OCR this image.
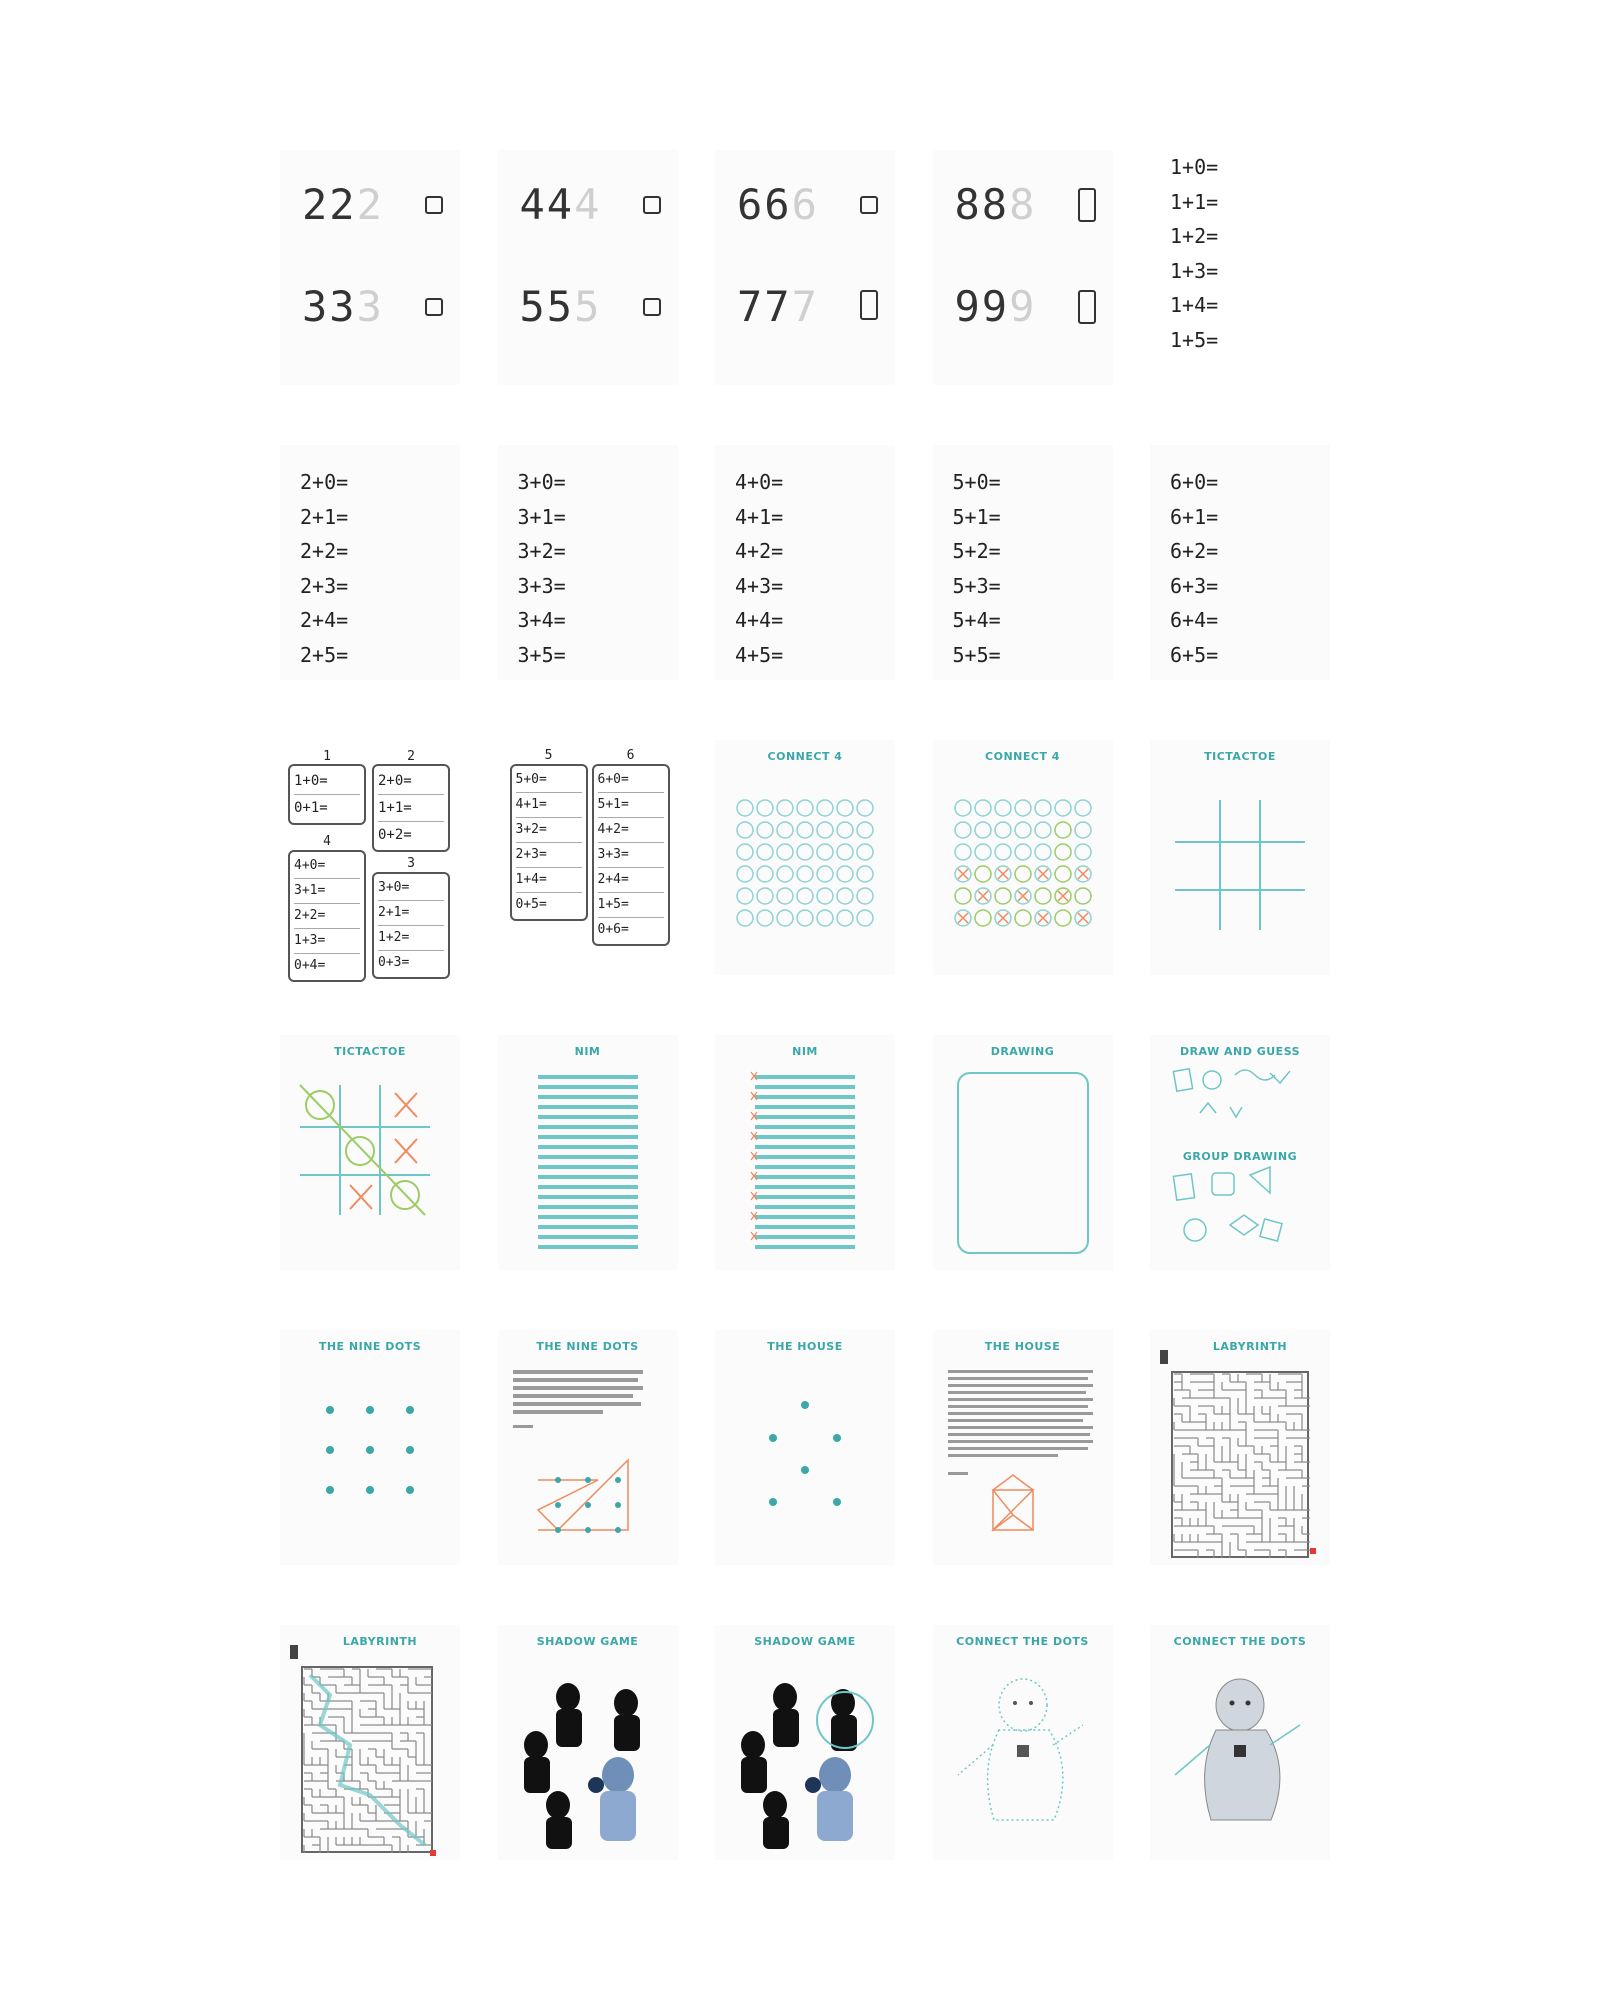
222
333
444
555
666
777
888
999
1+0=
1+1=
1+2=
1+3=
1+4=
1+5=
2+0=
2+1=
2+2=
2+3=
2+4=
2+5=
3+0=
3+1=
3+2=
3+3=
3+4=
3+5=
4+0=
4+1=
4+2=
4+3=
4+4=
4+5=
5+0=
5+1=
5+2=
5+3=
5+4=
5+5=
6+0=
6+1=
6+2=
6+3=
6+4=
6+5=
1
1+0=
0+1=
2
2+0=
1+1=
0+2=
4
4+0=
3+1=
2+2=
1+3=
0+4=
3
3+0=
2+1=
1+2=
0+3=
5
5+0=
4+1=
3+2=
2+3=
1+4=
0+5=
6
6+0=
5+1=
4+2=
3+3=
2+4=
1+5=
0+6=
CONNECT 4	CONNECT 4	TICTACTOE
TICTACTOE	NIM	NIM	DRAWING	DRAW AND GUESS
GROUP DRAWING
THE NINE DOTS	THE NINE DOTS	THE HOUSE	THE HOUSE	LABYRINTH
LABYRINTH	SHADOW GAME	SHADOW GAME	CONNECT THE DOTS	CONNECT THE DOTS
